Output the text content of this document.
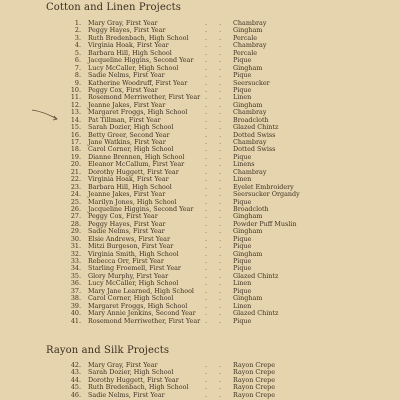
Cotton and Linen Projects
1. Mary Gray, First Year	Chambray
. .
2. Peggy Hayes, First Year	Gingham
. .
3. Ruth Bredenbach, High School	Percale
. .
4. Virginia Hoak, First Year	Chambray
. .
5. Barbara Hill, High School	Percale
. .
6. Jacqueline Higgins, Second Year	Pique
. .
7. Lucy McCaller, High School	Gingham
. .
8. Sadie Nelms, First Year	Pique
. .
9. Katherine Woodruff, First Year	Seersucker
. .
10. Peggy Cox, First Year	Pique
. .
11. Rosemond Merriwether, First Year	Linen
. .
12. Jeanne Jakes, First Year	Gingham
. .
13. Margaret Froggs, High School	Chambray
. .
14. Pat Tillman, First Year	Broadcloth
. .
15. Sarah Dozier, High School	Glazed Chintz
. .
16. Betty Greer, Second Year	Dotted Swiss
. .
17. Jane Watkins, First Year	Chambray
. .
18. Carol Corner, High School	Dotted Swiss
. .
19. Dianne Brennen, High School	Pique
. .
20. Eleanor McCallum, First Year	Linens
. .
21. Dorothy Huggett, First Year	Chambray
. .
22. Virginia Hoak, First Year	Linen
. .
23. Barbara Hill, High School	Eyelet Embroidery
. .
24. Jeanne Jakes, First Year	Seersucker Organdy
. .
25. Marilyn Jones, High School	Pique
. .
26. Jacqueline Higgins, Second Year	Broadcloth
. .
27. Peggy Cox, First Year	Gingham
. .
28. Peggy Hayes, First Year	Powder Puff Muslin
. .
29. Sadie Nelms, First Year	Gingham
. .
30. Elsie Andrews, First Year	Pique
. .
31. Mitzi Burgeson, First Year	Pique
. .
32. Virginia Smith, High School	Gingham
. .
33. Rebecca Orr, First Year	Pique
. .
34. Starling Froemell, First Year	Pique
. .
35. Glory Murphy, First Year	Glazed Chintz
. .
36. Lucy McCaller, High School	Linen
. .
37. Mary Jane Learned, High School	Pique
. .
38. Carol Corner, High School	Gingham
. .
39. Margaret Froggs, High School	Linen
. .
40. Mary Annie Jenkins, Second Year	Glazed Chintz
. .
41. Rosemond Merriwether, First Year	Pique
. .
Rayon and Silk Projects
42. Mary Gray, First Year	Rayon Crepe
. .
43. Sarah Dozier, High School	Rayon Crepe
. .
44. Dorothy Huggett, First Year	Rayon Crepe
. .
45. Ruth Bredenbach, High School	Rayon Crepe
. .
46. Sadie Nelms, First Year	Rayon Crepe
. .
